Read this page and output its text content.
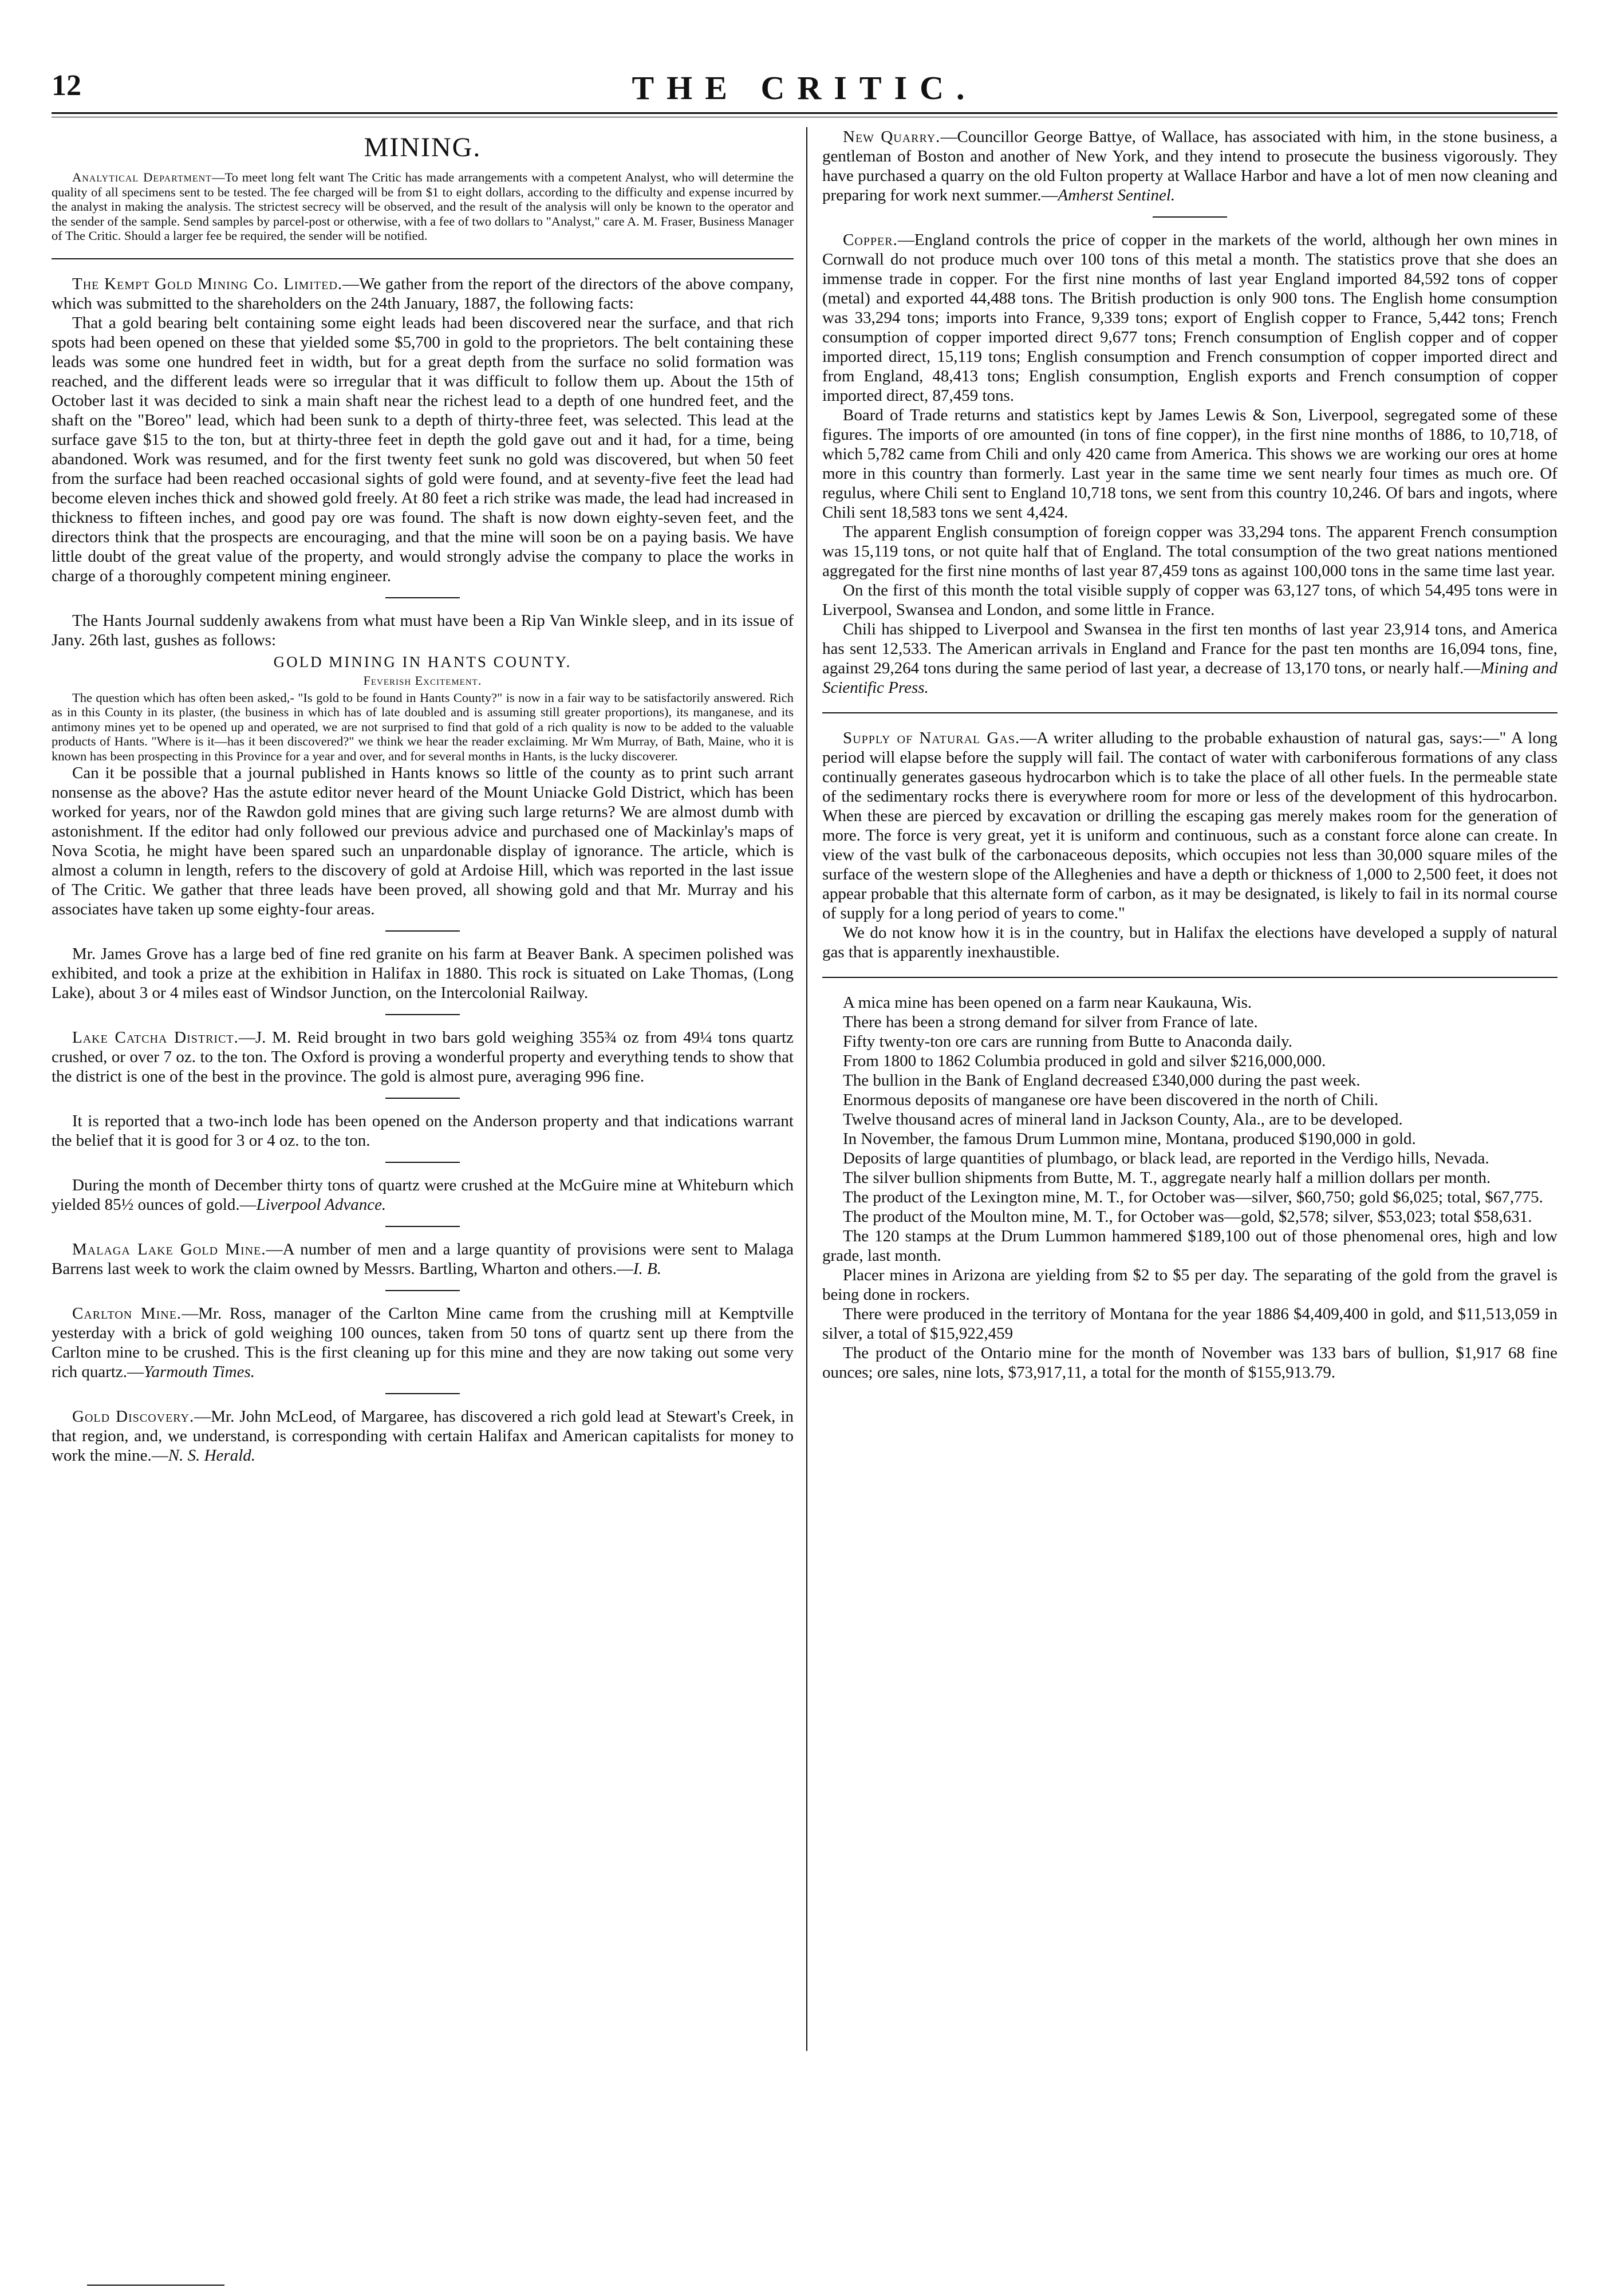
12	THE CRITIC.
MINING.

Analytical Department—To meet long felt want The Critic has made arrangements with a competent Analyst, who will determine the quality of all specimens sent to be tested. The fee charged will be from $1 to eight dollars, according to the difficulty and expense incurred by the analyst in making the analysis. The strictest secrecy will be observed, and the result of the analysis will only be known to the operator and the sender of the sample. Send samples by parcel-post or otherwise, with a fee of two dollars to "Analyst," care A. M. Fraser, Business Manager of The Critic. Should a larger fee be required, the sender will be notified.

The Kempt Gold Mining Co. Limited.—We gather from the report of the directors of the above company, which was submitted to the shareholders on the 24th January, 1887, the following facts:

That a gold bearing belt containing some eight leads had been discovered near the surface, and that rich spots had been opened on these that yielded some $5,700 in gold to the proprietors. The belt containing these leads was some one hundred feet in width, but for a great depth from the surface no solid formation was reached, and the different leads were so irregular that it was difficult to follow them up. About the 15th of October last it was decided to sink a main shaft near the richest lead to a depth of one hundred feet, and the shaft on the "Boreo" lead, which had been sunk to a depth of thirty-three feet, was selected. This lead at the surface gave $15 to the ton, but at thirty-three feet in depth the gold gave out and it had, for a time, being abandoned. Work was resumed, and for the first twenty feet sunk no gold was discovered, but when 50 feet from the surface had been reached occasional sights of gold were found, and at seventy-five feet the lead had become eleven inches thick and showed gold freely. At 80 feet a rich strike was made, the lead had increased in thickness to fifteen inches, and good pay ore was found. The shaft is now down eighty-seven feet, and the directors think that the prospects are encouraging, and that the mine will soon be on a paying basis. We have little doubt of the great value of the property, and would strongly advise the company to place the works in charge of a thoroughly competent mining engineer.

The Hants Journal suddenly awakens from what must have been a Rip Van Winkle sleep, and in its issue of Jany. 26th last, gushes as follows:

GOLD MINING IN HANTS COUNTY.
Feverish Excitement.

The question which has often been asked,- "Is gold to be found in Hants County?" is now in a fair way to be satisfactorily answered. Rich as in this County in its plaster, (the business in which has of late doubled and is assuming still greater proportions), its manganese, and its antimony mines yet to be opened up and operated, we are not surprised to find that gold of a rich quality is now to be added to the valuable products of Hants. "Where is it—has it been discovered?" we think we hear the reader exclaiming. Mr Wm Murray, of Bath, Maine, who it is known has been prospecting in this Province for a year and over, and for several months in Hants, is the lucky discoverer.

Can it be possible that a journal published in Hants knows so little of the county as to print such arrant nonsense as the above? Has the astute editor never heard of the Mount Uniacke Gold District, which has been worked for years, nor of the Rawdon gold mines that are giving such large returns? We are almost dumb with astonishment. If the editor had only followed our previous advice and purchased one of Mackinlay's maps of Nova Scotia, he might have been spared such an unpardonable display of ignorance. The article, which is almost a column in length, refers to the discovery of gold at Ardoise Hill, which was reported in the last issue of The Critic. We gather that three leads have been proved, all showing gold and that Mr. Murray and his associates have taken up some eighty-four areas.

Mr. James Grove has a large bed of fine red granite on his farm at Beaver Bank. A specimen polished was exhibited, and took a prize at the exhibition in Halifax in 1880. This rock is situated on Lake Thomas, (Long Lake), about 3 or 4 miles east of Windsor Junction, on the Intercolonial Railway.

Lake Catcha District.—J. M. Reid brought in two bars gold weighing 355¾ oz from 49¼ tons quartz crushed, or over 7 oz. to the ton. The Oxford is proving a wonderful property and everything tends to show that the district is one of the best in the province. The gold is almost pure, averaging 996 fine.

It is reported that a two-inch lode has been opened on the Anderson property and that indications warrant the belief that it is good for 3 or 4 oz. to the ton.

During the month of December thirty tons of quartz were crushed at the McGuire mine at Whiteburn which yielded 85½ ounces of gold.—Liverpool Advance.

Malaga Lake Gold Mine.—A number of men and a large quantity of provisions were sent to Malaga Barrens last week to work the claim owned by Messrs. Bartling, Wharton and others.—I. B.

Carlton Mine.—Mr. Ross, manager of the Carlton Mine came from the crushing mill at Kemptville yesterday with a brick of gold weighing 100 ounces, taken from 50 tons of quartz sent up there from the Carlton mine to be crushed. This is the first cleaning up for this mine and they are now taking out some very rich quartz.—Yarmouth Times.

Gold Discovery.—Mr. John McLeod, of Margaree, has discovered a rich gold lead at Stewart's Creek, in that region, and, we understand, is corresponding with certain Halifax and American capitalists for money to work the mine.—N. S. Herald.

New Quarry.—Councillor George Battye, of Wallace, has associated with him, in the stone business, a gentleman of Boston and another of New York, and they intend to prosecute the business vigorously. They have purchased a quarry on the old Fulton property at Wallace Harbor and have a lot of men now cleaning and preparing for work next summer.—Amherst Sentinel.

Copper.—England controls the price of copper in the markets of the world, although her own mines in Cornwall do not produce much over 100 tons of this metal a month. The statistics prove that she does an immense trade in copper. For the first nine months of last year England imported 84,592 tons of copper (metal) and exported 44,488 tons. The British production is only 900 tons. The English home consumption was 33,294 tons; imports into France, 9,339 tons; export of English copper to France, 5,442 tons; French consumption of copper imported direct 9,677 tons; French consumption of English copper and of copper imported direct, 15,119 tons; English consumption and French consumption of copper imported direct and from England, 48,413 tons; English consumption, English exports and French consumption of copper imported direct, 87,459 tons.

Board of Trade returns and statistics kept by James Lewis & Son, Liverpool, segregated some of these figures. The imports of ore amounted (in tons of fine copper), in the first nine months of 1886, to 10,718, of which 5,782 came from Chili and only 420 came from America. This shows we are working our ores at home more in this country than formerly. Last year in the same time we sent nearly four times as much ore. Of regulus, where Chili sent to England 10,718 tons, we sent from this country 10,246. Of bars and ingots, where Chili sent 18,583 tons we sent 4,424.

The apparent English consumption of foreign copper was 33,294 tons. The apparent French consumption was 15,119 tons, or not quite half that of England. The total consumption of the two great nations mentioned aggregated for the first nine months of last year 87,459 tons as against 100,000 tons in the same time last year.

On the first of this month the total visible supply of copper was 63,127 tons, of which 54,495 tons were in Liverpool, Swansea and London, and some little in France.

Chili has shipped to Liverpool and Swansea in the first ten months of last year 23,914 tons, and America has sent 12,533. The American arrivals in England and France for the past ten months are 16,094 tons, fine, against 29,264 tons during the same period of last year, a decrease of 13,170 tons, or nearly half.—Mining and Scientific Press.

Supply of Natural Gas.—A writer alluding to the probable exhaustion of natural gas, says:—" A long period will elapse before the supply will fail. The contact of water with carboniferous formations of any class continually generates gaseous hydrocarbon which is to take the place of all other fuels. In the permeable state of the sedimentary rocks there is everywhere room for more or less of the development of this hydrocarbon. When these are pierced by excavation or drilling the escaping gas merely makes room for the generation of more. The force is very great, yet it is uniform and continuous, such as a constant force alone can create. In view of the vast bulk of the carbonaceous deposits, which occupies not less than 30,000 square miles of the surface of the western slope of the Alleghenies and have a depth or thickness of 1,000 to 2,500 feet, it does not appear probable that this alternate form of carbon, as it may be designated, is likely to fail in its normal course of supply for a long period of years to come."

We do not know how it is in the country, but in Halifax the elections have developed a supply of natural gas that is apparently inexhaustible.

A mica mine has been opened on a farm near Kaukauna, Wis.

There has been a strong demand for silver from France of late.

Fifty twenty-ton ore cars are running from Butte to Anaconda daily.

From 1800 to 1862 Columbia produced in gold and silver $216,000,000.

The bullion in the Bank of England decreased £340,000 during the past week.

Enormous deposits of manganese ore have been discovered in the north of Chili.

Twelve thousand acres of mineral land in Jackson County, Ala., are to be developed.

In November, the famous Drum Lummon mine, Montana, produced $190,000 in gold.

Deposits of large quantities of plumbago, or black lead, are reported in the Verdigo hills, Nevada.

The silver bullion shipments from Butte, M. T., aggregate nearly half a million dollars per month.

The product of the Lexington mine, M. T., for October was—silver, $60,750; gold $6,025; total, $67,775.

The product of the Moulton mine, M. T., for October was—gold, $2,578; silver, $53,023; total $58,631.

The 120 stamps at the Drum Lummon hammered $189,100 out of those phenomenal ores, high and low grade, last month.

Placer mines in Arizona are yielding from $2 to $5 per day. The separating of the gold from the gravel is being done in rockers.

There were produced in the territory of Montana for the year 1886 $4,409,400 in gold, and $11,513,059 in silver, a total of $15,922,459

The product of the Ontario mine for the month of November was 133 bars of bullion, $1,917 68 fine ounces; ore sales, nine lots, $73,917,11, a total for the month of $155,913.79.
